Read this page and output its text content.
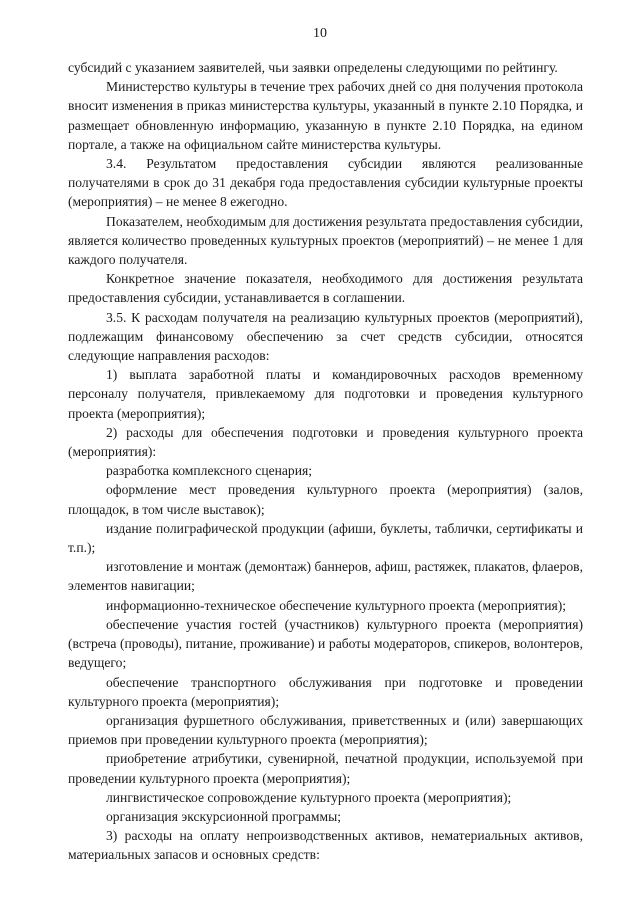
10

субсидий с указанием заявителей, чьи заявки определены следующими по рейтингу.

Министерство культуры в течение трех рабочих дней со дня получения протокола вносит изменения в приказ министерства культуры, указанный в пункте 2.10 Порядка, и размещает обновленную информацию, указанную в пункте 2.10 Порядка, на едином портале, а также на официальном сайте министерства культуры.

3.4. Результатом предоставления субсидии являются реализованные получателями в срок до 31 декабря года предоставления субсидии культурные проекты (мероприятия) – не менее 8 ежегодно.

Показателем, необходимым для достижения результата предоставления субсидии, является количество проведенных культурных проектов (мероприятий) – не менее 1 для каждого получателя.

Конкретное значение показателя, необходимого для достижения результата предоставления субсидии, устанавливается в соглашении.

3.5. К расходам получателя на реализацию культурных проектов (мероприятий), подлежащим финансовому обеспечению за счет средств субсидии, относятся следующие направления расходов:

1) выплата заработной платы и командировочных расходов временному персоналу получателя, привлекаемому для подготовки и проведения культурного проекта (мероприятия);

2) расходы для обеспечения подготовки и проведения культурного проекта (мероприятия):

разработка комплексного сценария;

оформление мест проведения культурного проекта (мероприятия) (залов, площадок, в том числе выставок);

издание полиграфической продукции (афиши, буклеты, таблички, сертификаты и т.п.);

изготовление и монтаж (демонтаж) баннеров, афиш, растяжек, плакатов, флаеров, элементов навигации;

информационно-техническое обеспечение культурного проекта (мероприятия);

обеспечение участия гостей (участников) культурного проекта (мероприятия) (встреча (проводы), питание, проживание) и работы модераторов, спикеров, волонтеров, ведущего;

обеспечение транспортного обслуживания при подготовке и проведении культурного проекта (мероприятия);

организация фуршетного обслуживания, приветственных и (или) завершающих приемов при проведении культурного проекта (мероприятия);

приобретение атрибутики, сувенирной, печатной продукции, используемой при проведении культурного проекта (мероприятия);

лингвистическое сопровождение культурного проекта (мероприятия);

организация экскурсионной программы;

3) расходы на оплату непроизводственных активов, нематериальных активов, материальных запасов и основных средств:
